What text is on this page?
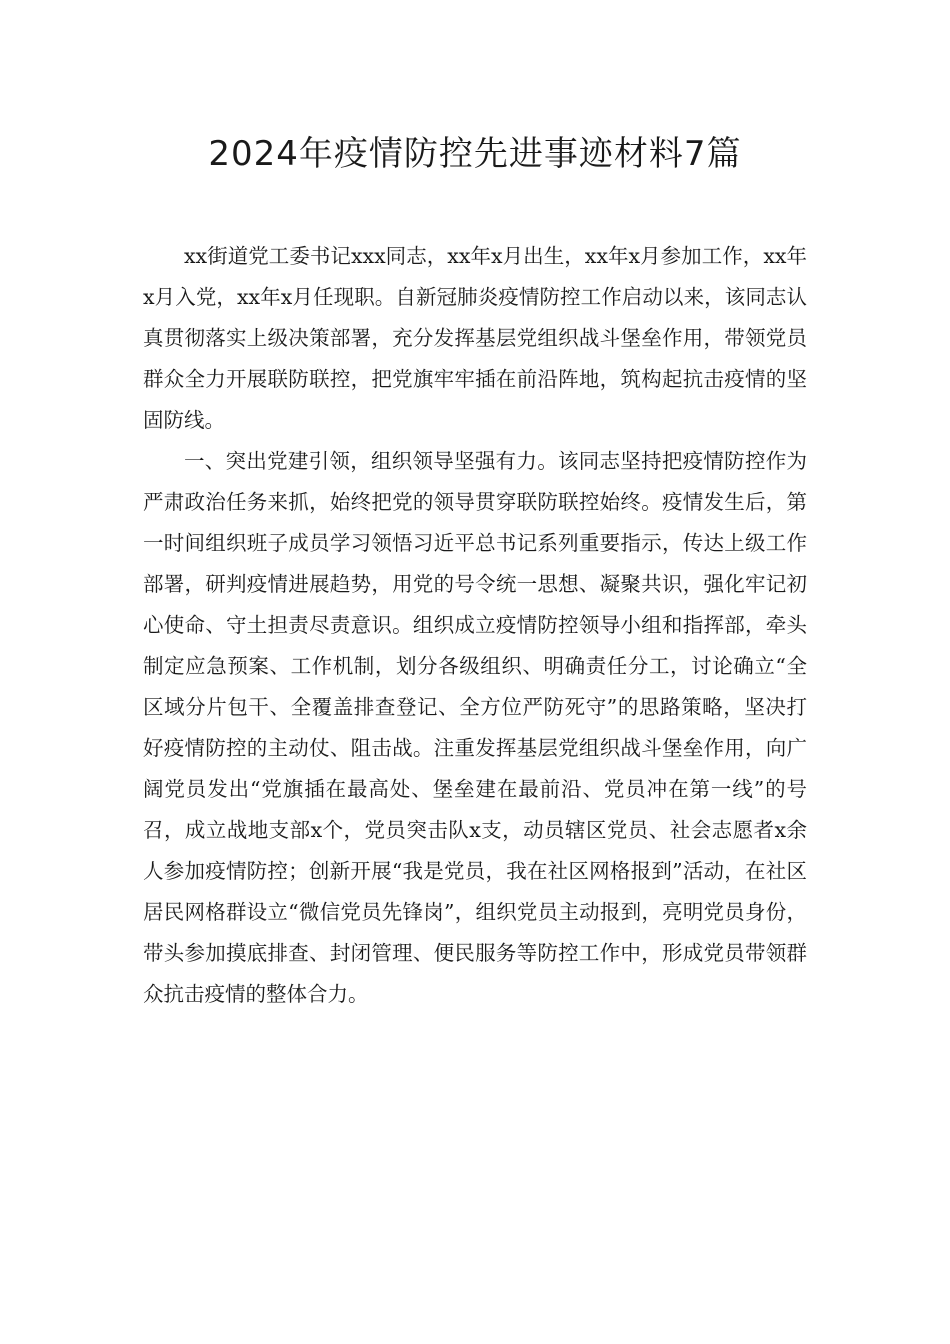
2024年疫情防控先进事迹材料7篇

xx街道党工委书记xxx同志，xx年x月出生，xx年x月参加工作，xx年x月入党，xx年x月任现职。自新冠肺炎疫情防控工作启动以来，该同志认真贯彻落实上级决策部署，充分发挥基层党组织战斗堡垒作用，带领党员群众全力开展联防联控，把党旗牢牢插在前沿阵地，筑构起抗击疫情的坚固防线。

一、突出党建引领，组织领导坚强有力。该同志坚持把疫情防控作为严肃政治任务来抓，始终把党的领导贯穿联防联控始终。疫情发生后，第一时间组织班子成员学习领悟习近平总书记系列重要指示，传达上级工作部署，研判疫情进展趋势，用党的号令统一思想、凝聚共识，强化牢记初心使命、守土担责尽责意识。组织成立疫情防控领导小组和指挥部，牵头制定应急预案、工作机制，划分各级组织、明确责任分工，讨论确立“全区域分片包干、全覆盖排查登记、全方位严防死守”的思路策略，坚决打好疫情防控的主动仗、阻击战。注重发挥基层党组织战斗堡垒作用，向广阔党员发出“党旗插在最高处、堡垒建在最前沿、党员冲在第一线”的号召，成立战地支部x个，党员突击队x支，动员辖区党员、社会志愿者x余人参加疫情防控；创新开展“我是党员，我在社区网格报到”活动，在社区居民网格群设立“微信党员先锋岗”，组织党员主动报到，亮明党员身份，带头参加摸底排查、封闭管理、便民服务等防控工作中，形成党员带领群众抗击疫情的整体合力。
